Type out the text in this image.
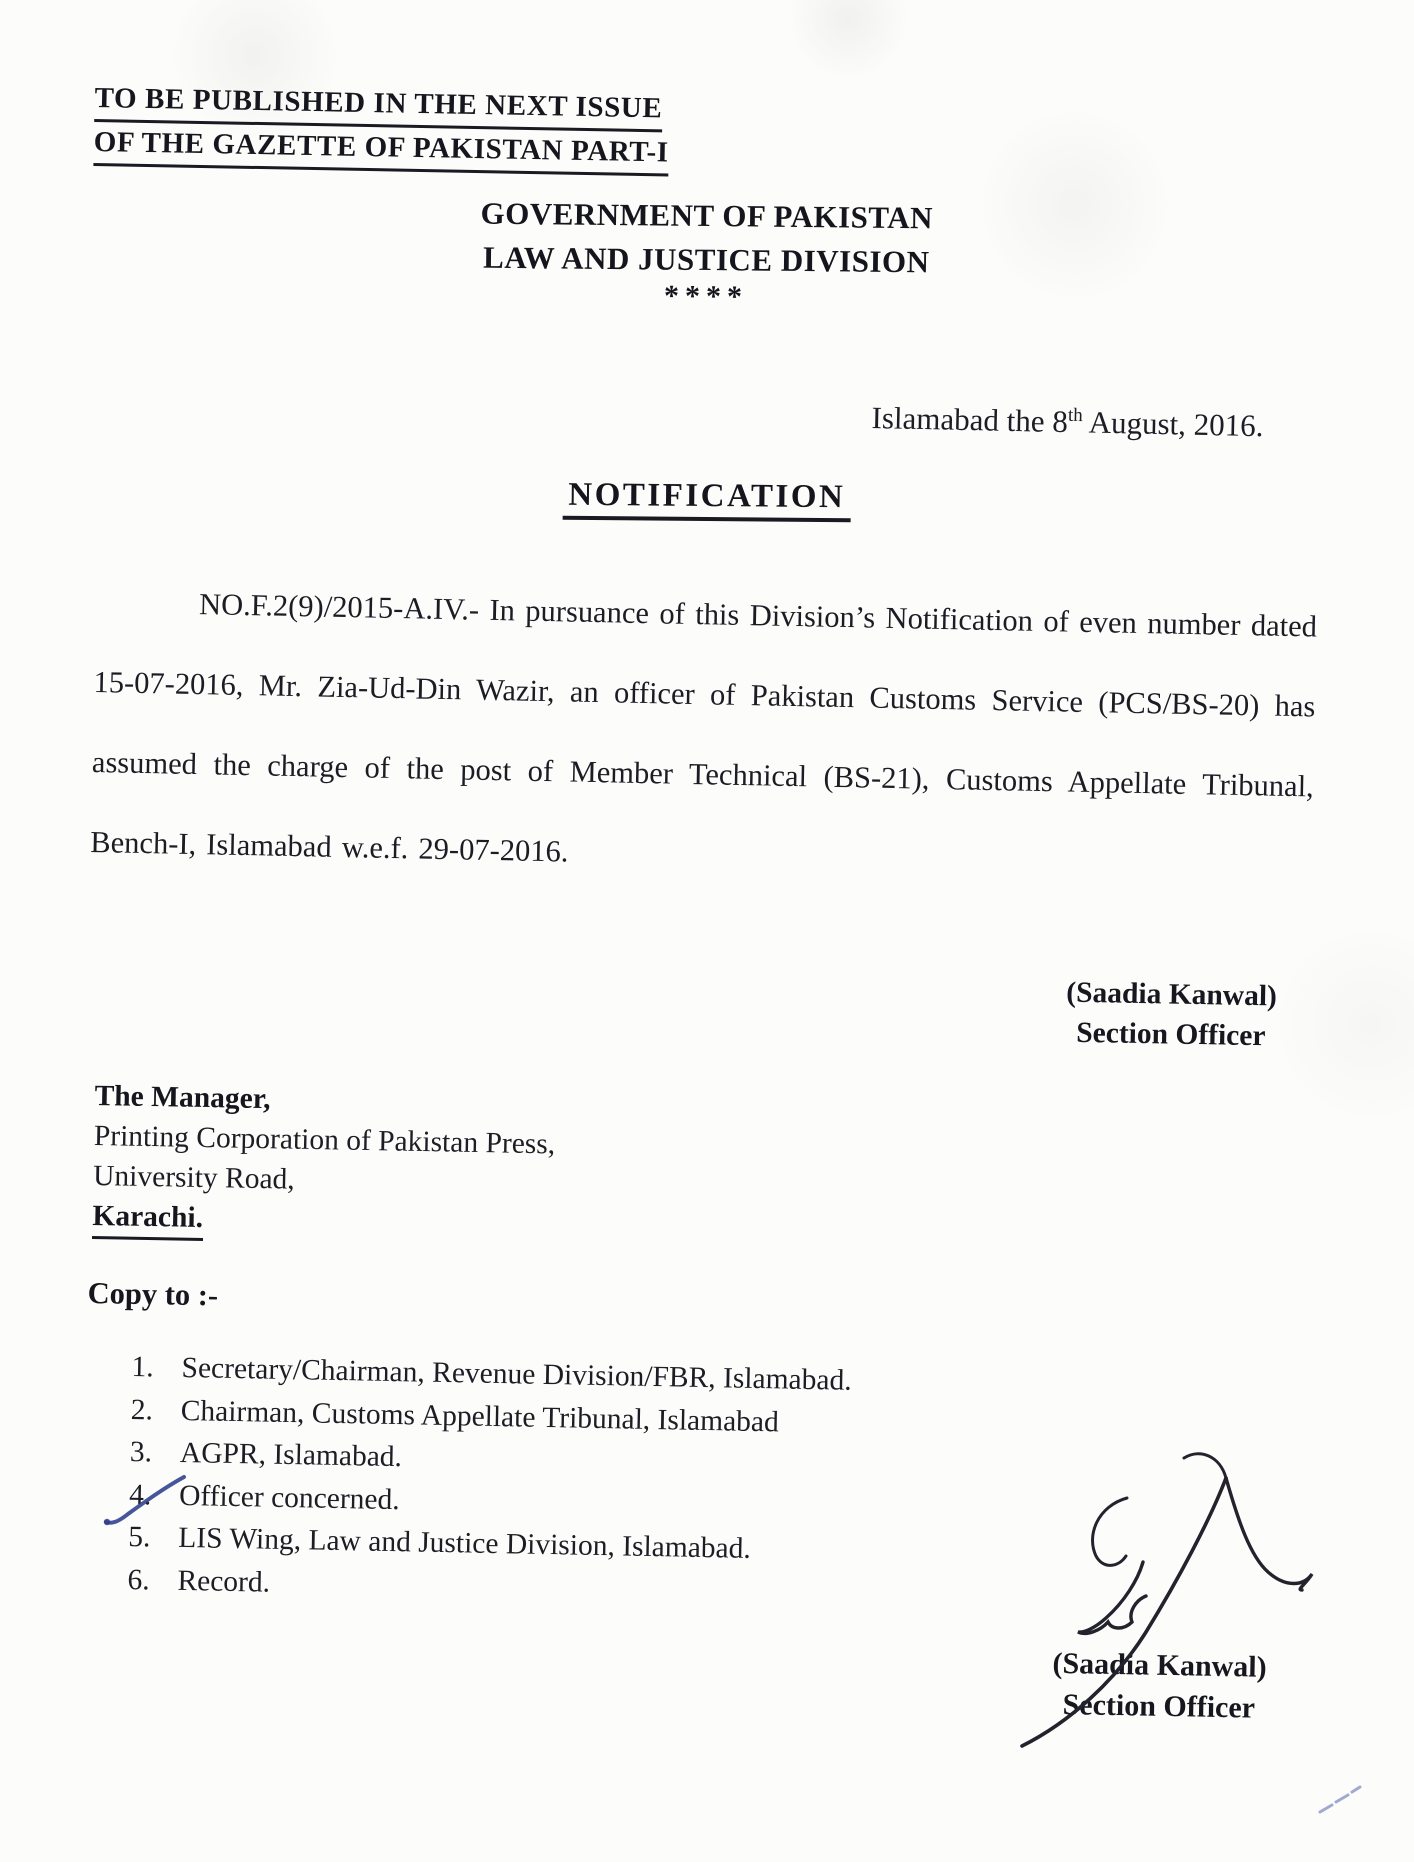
TO BE PUBLISHED IN THE NEXT ISSUE
OF THE GAZETTE OF PAKISTAN PART-I
GOVERNMENT OF PAKISTAN
LAW AND JUSTICE DIVISION
****
Islamabad the 8th August, 2016.
NOTIFICATION
NO.F.2(9)/2015-A.IV.- In pursuance of this Division’s Notification of even number dated 15-07-2016, Mr. Zia-Ud-Din Wazir, an officer of Pakistan Customs Service (PCS/BS-20) has assumed the charge of the post of Member Technical (BS-21), Customs Appellate Tribunal, Bench-I, Islamabad w.e.f. 29-07-2016.
(Saadia Kanwal)
Section Officer
The Manager,
Printing Corporation of Pakistan Press,
University Road,
Karachi.
Copy to :-
1. Secretary/Chairman, Revenue Division/FBR, Islamabad.
2. Chairman, Customs Appellate Tribunal, Islamabad
3. AGPR, Islamabad.
4. Officer concerned.
5. LIS Wing, Law and Justice Division, Islamabad.
6. Record.
(Saadia Kanwal)
Section Officer
